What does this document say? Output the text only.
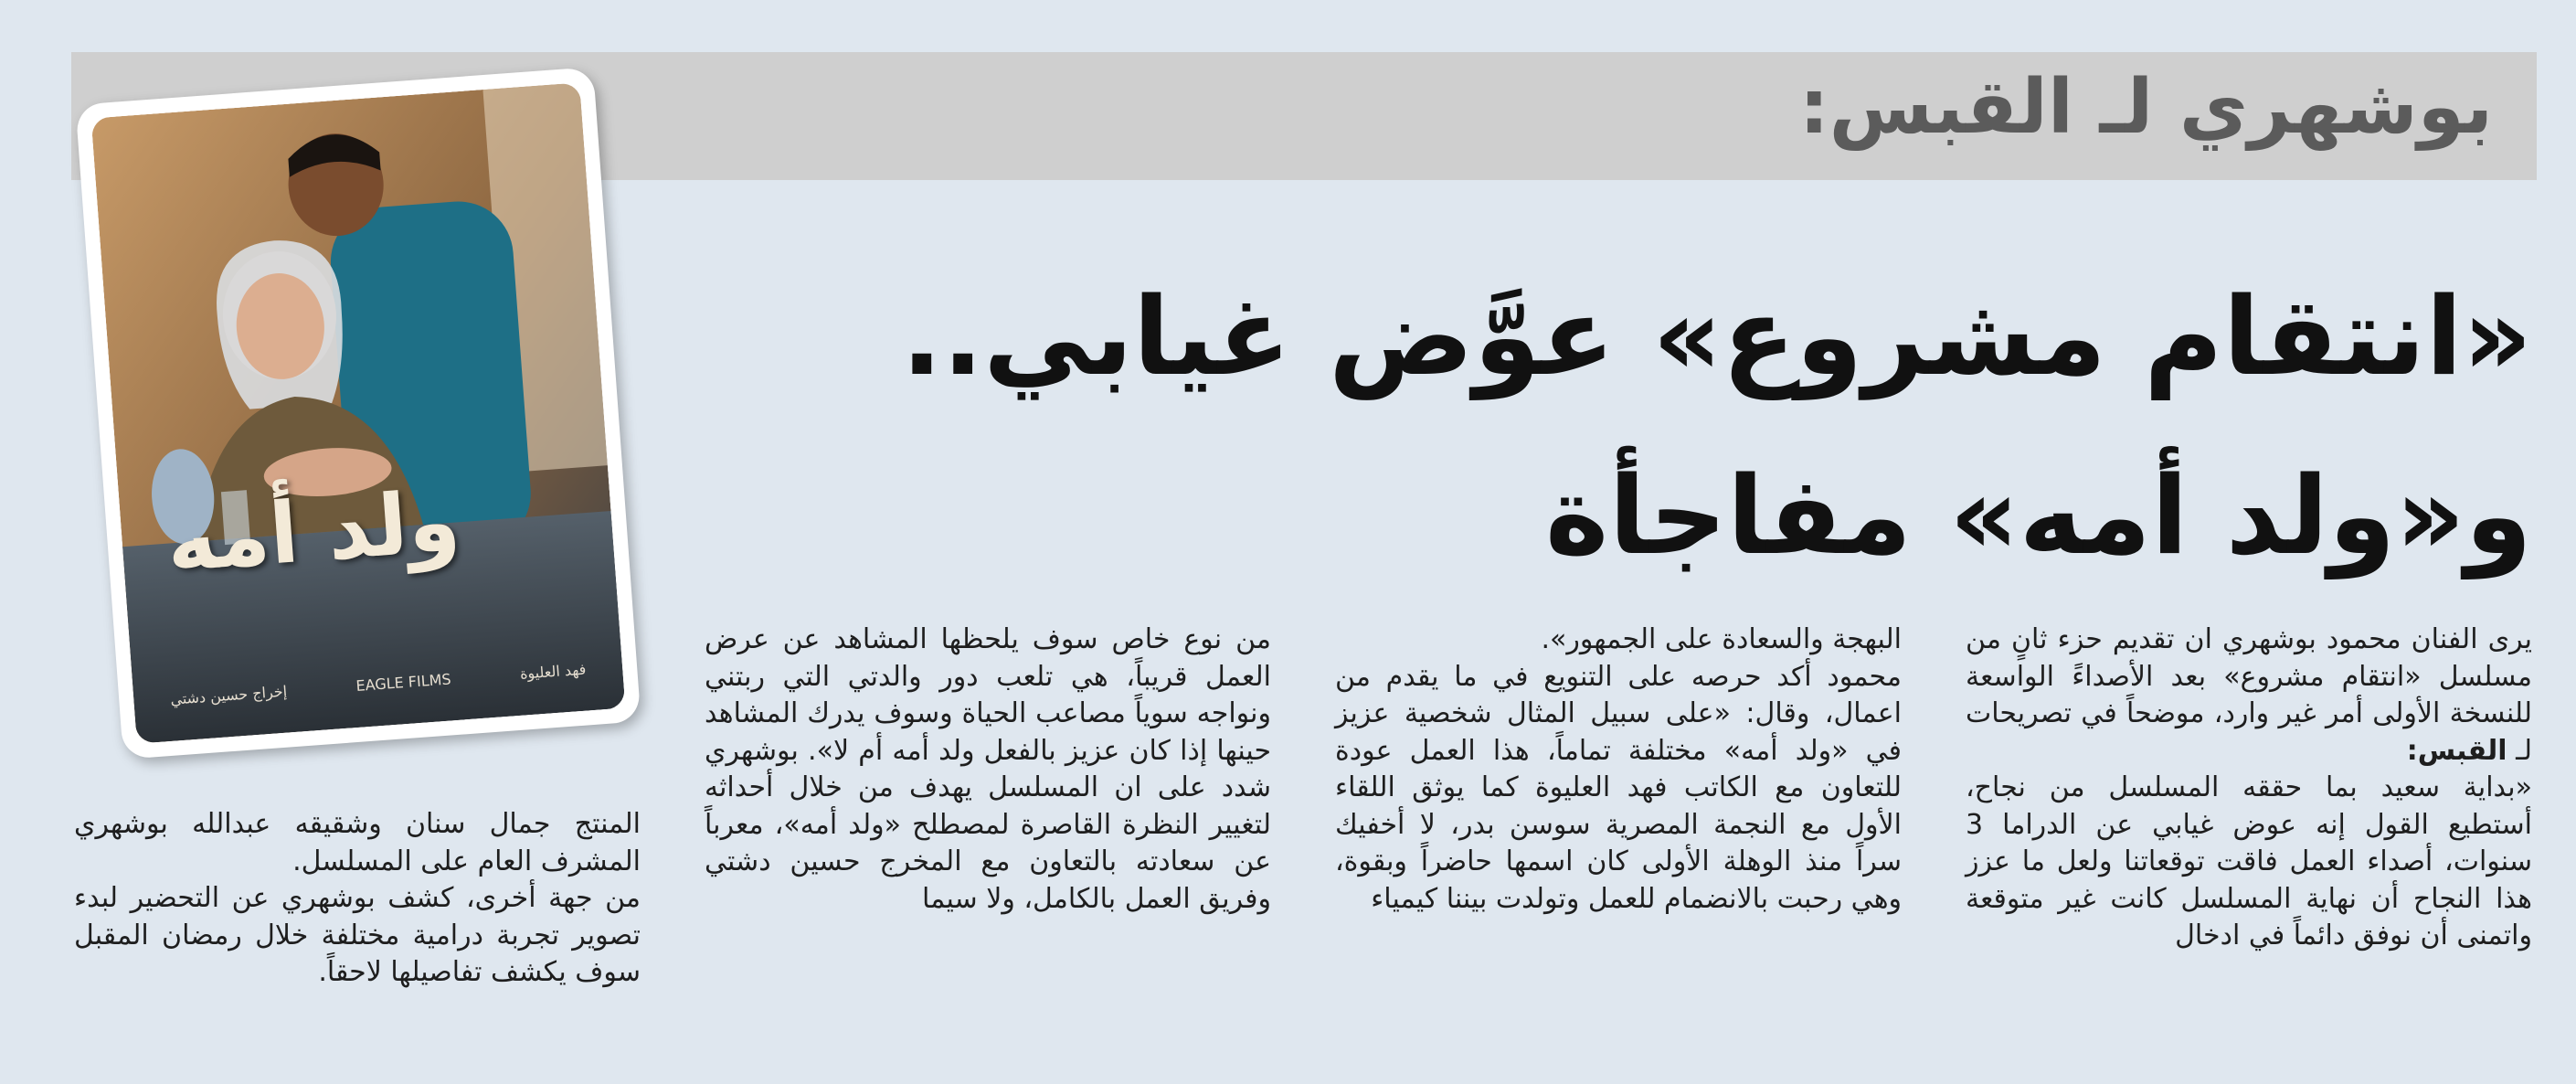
بوشهري لـ القبس:
«انتقام مشروع» عوَّض غيابي..
و«ولد أمه» مفاجأة

يرى الفنان محمود بوشهري ان تقديم حزء ثانٍ من مسلسل «انتقام مشروع» بعد الأصداءً الواسعة للنسخة الأولى أمر غير وارد، موضحاً في تصريحات لـ القبس:

«بداية سعيد بما حققه المسلسل من نجاح، أستطيع القول إنه عوض غيابي عن الدراما 3 سنوات، أصداء العمل فاقت توقعاتنا ولعل ما عزز هذا النجاح أن نهاية المسلسل كانت غير متوقعة واتمنى أن نوفق دائماً في ادخال

البهجة والسعادة على الجمهور».

محمود أكد حرصه على التنويع في ما يقدم من اعمال، وقال: «على سبيل المثال شخصية عزيز في «ولد أمه» مختلفة تماماً، هذا العمل عودة للتعاون مع الكاتب فهد العليوة كما يوثق اللقاء الأول مع النجمة المصرية سوسن بدر، لا أخفيك سراً منذ الوهلة الأولى كان اسمها حاضراً وبقوة، وهي رحبت بالانضمام للعمل وتولدت بيننا كيمياء

من نوع خاص سوف يلحظها المشاهد عن عرض العمل قريباً، هي تلعب دور والدتي التي ربتني ونواجه سوياً مصاعب الحياة وسوف يدرك المشاهد حينها إذا كان عزيز بالفعل ولد أمه أم لا». بوشهري شدد على ان المسلسل يهدف من خلال أحداثه لتغيير النظرة القاصرة لمصطلح «ولد أمه»، معرباً عن سعادته بالتعاون مع المخرج حسين دشتي وفريق العمل بالكامل، ولا سيما

المنتج جمال سنان وشقيقه عبدالله بوشهري المشرف العام على المسلسل.

من جهة أخرى، كشف بوشهري عن التحضير لبدء تصوير تجربة درامية مختلفة خلال رمضان المقبل سوف يكشف تفاصيلها لاحقاً.

ولد أمه
فهد العليوة
EAGLE FILMS
إخراج حسين دشتي
